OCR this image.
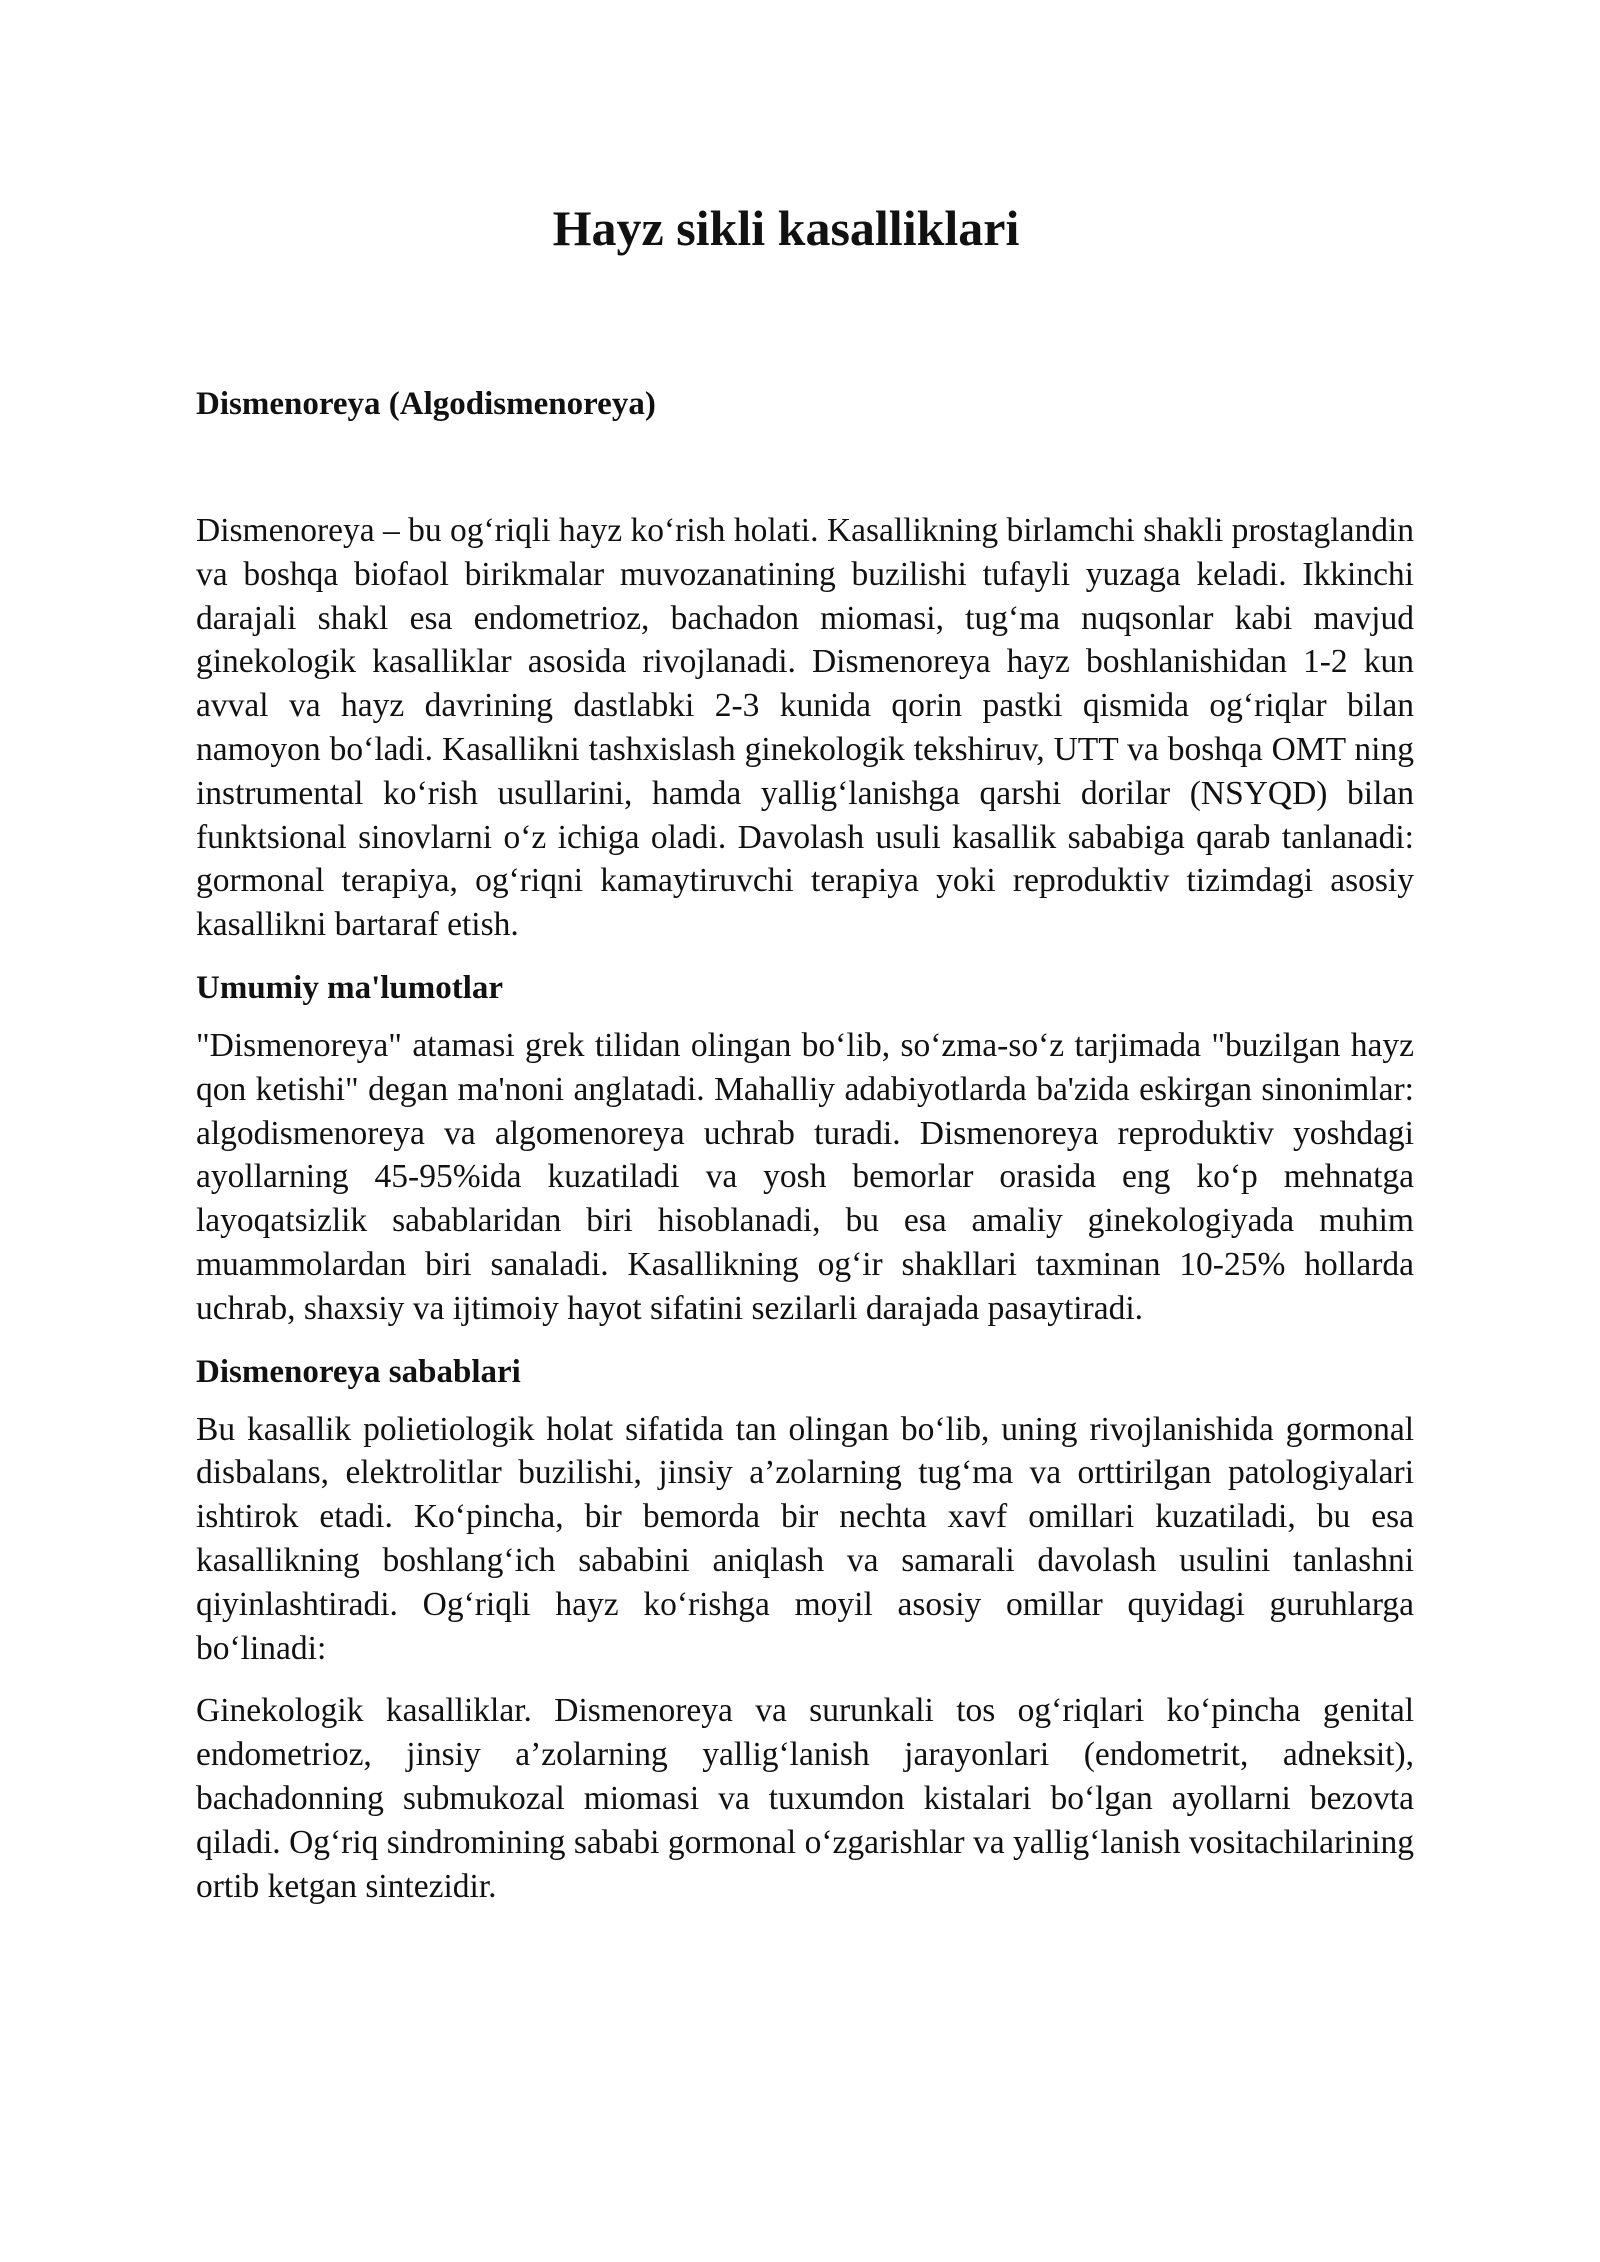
Hayz sikli kasalliklari
Dismenoreya (Algodismenoreya)

Dismenoreya – bu og‘riqli hayz ko‘rish holati. Kasallikning birlamchi shakli prostaglandin va boshqa biofaol birikmalar muvozanatining buzilishi tufayli yuzaga keladi. Ikkinchi darajali shakl esa endometrioz, bachadon miomasi, tug‘ma nuqsonlar kabi mavjud ginekologik kasalliklar asosida rivojlanadi. Dismenoreya hayz boshlanishidan 1-2 kun avval va hayz davrining dastlabki 2-3 kunida qorin pastki qismida og‘riqlar bilan namoyon bo‘ladi. Kasallikni tashxislash ginekologik tekshiruv, UTT va boshqa OMT ning instrumental ko‘rish usullarini, hamda yallig‘lanishga qarshi dorilar (NSYQD) bilan funktsional sinovlarni o‘z ichiga oladi. Davolash usuli kasallik sababiga qarab tanlanadi: gormonal terapiya, og‘riqni kamaytiruvchi terapiya yoki reproduktiv tizimdagi asosiy kasallikni bartaraf etish.

Umumiy ma'lumotlar

"Dismenoreya" atamasi grek tilidan olingan bo‘lib, so‘zma-so‘z tarjimada "buzilgan hayz qon ketishi" degan ma'noni anglatadi. Mahalliy adabiyotlarda ba'zida eskirgan sinonimlar: algodismenoreya va algomenoreya uchrab turadi. Dismenoreya reproduktiv yoshdagi ayollarning 45-95%ida kuzatiladi va yosh bemorlar orasida eng ko‘p mehnatga layoqatsizlik sabablaridan biri hisoblanadi, bu esa amaliy ginekologiyada muhim muammolardan biri sanaladi. Kasallikning og‘ir shakllari taxminan 10-25% hollarda uchrab, shaxsiy va ijtimoiy hayot sifatini sezilarli darajada pasaytiradi.

Dismenoreya sabablari

Bu kasallik polietiologik holat sifatida tan olingan bo‘lib, uning rivojlanishida gormonal disbalans, elektrolitlar buzilishi, jinsiy a’zolarning tug‘ma va orttirilgan patologiyalari ishtirok etadi. Ko‘pincha, bir bemorda bir nechta xavf omillari kuzatiladi, bu esa kasallikning boshlang‘ich sababini aniqlash va samarali davolash usulini tanlashni qiyinlashtiradi. Og‘riqli hayz ko‘rishga moyil asosiy omillar quyidagi guruhlarga bo‘linadi:

Ginekologik kasalliklar. Dismenoreya va surunkali tos og‘riqlari ko‘pincha genital endometrioz, jinsiy a’zolarning yallig‘lanish jarayonlari (endometrit, adneksit), bachadonning submukozal miomasi va tuxumdon kistalari bo‘lgan ayollarni bezovta qiladi. Og‘riq sindromining sababi gormonal o‘zgarishlar va yallig‘lanish vositachilarining ortib ketgan sintezidir.
